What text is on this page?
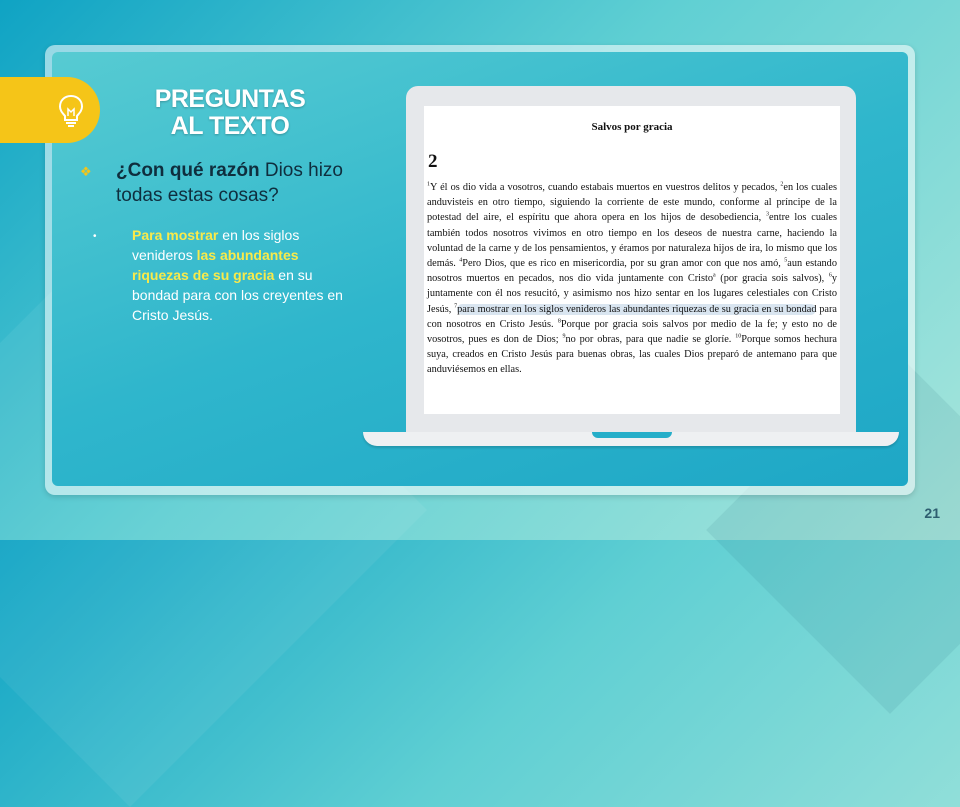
PREGUNTAS
AL TEXTO
❖ ¿Con qué razón Dios hizo todas estas cosas?
•	Para mostrar en los siglos venideros las abundantes riquezas de su gracia en su bondad para con los creyentes en Cristo Jesús.
Salvos por gracia
2
$^1$Y él os dio vida a vosotros, cuando estabais muertos en vuestros delitos y pecados, $^2$en los cuales anduvisteis en otro tiempo, siguiendo la corriente de este mundo, conforme al príncipe de la potestad del aire, el espíritu que ahora opera en los hijos de desobediencia, $^3$entre los cuales también todos nosotros vivimos en otro tiempo en los deseos de nuestra carne, haciendo la voluntad de la carne y de los pensamientos, y éramos por naturaleza hijos de ira, lo mismo que los demás. $^4$Pero Dios, que es rico en misericordia, por su gran amor con que nos amó, $^5$aun estando nosotros muertos en pecados, nos dio vida juntamente con Cristo$^a$ (por gracia sois salvos), $^6$y juntamente con él nos resucitó, y asimismo nos hizo sentar en los lugares celestiales con Cristo Jesús, $^7$para mostrar en los siglos venideros las abundantes riquezas de su gracia en su bondad para con nosotros en Cristo Jesús. $^8$Porque por gracia sois salvos por medio de la fe; y esto no de vosotros, pues es don de Dios; $^9$no por obras, para que nadie se gloríe. $^{10}$Porque somos hechura suya, creados en Cristo Jesús para buenas obras, las cuales Dios preparó de antemano para que anduviésemos en ellas.
21
